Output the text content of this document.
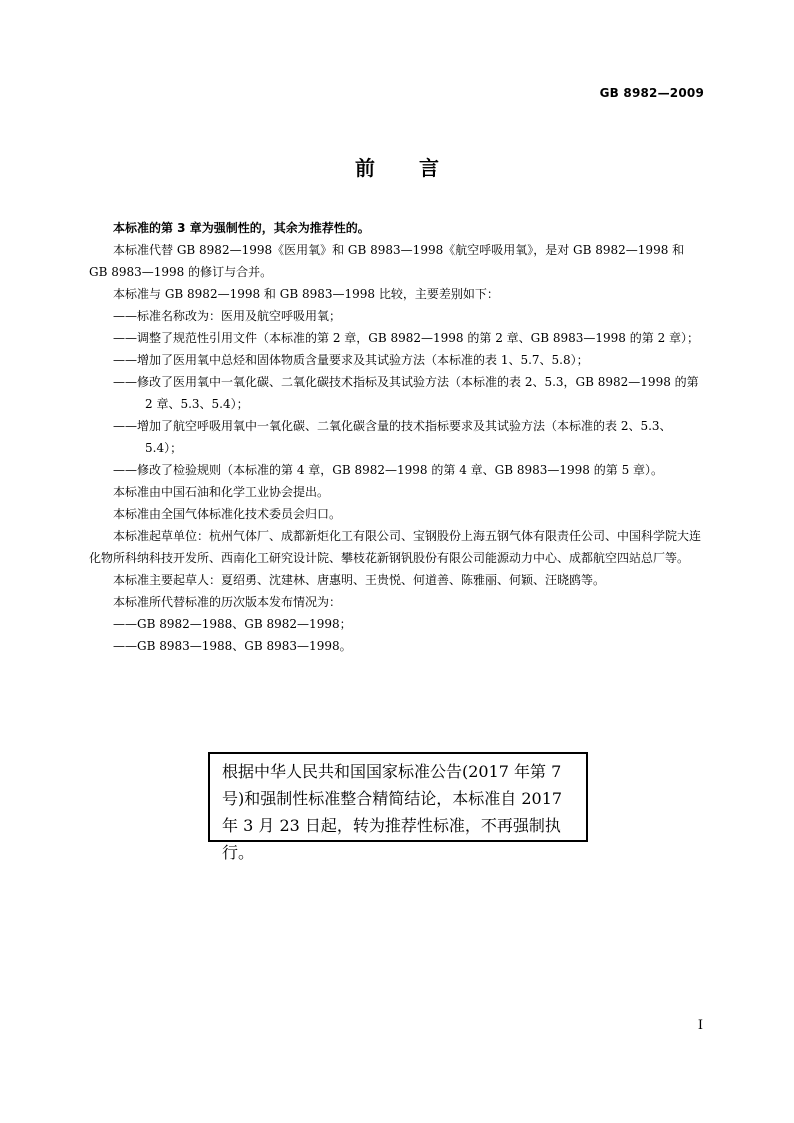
GB 8982—2009
前言

本标准的第 3 章为强制性的，其余为推荐性的。

本标准代替 GB 8982—1998《医用氧》和 GB 8983—1998《航空呼吸用氧》，是对 GB 8982—1998 和 GB 8983—1998 的修订与合并。

本标准与 GB 8982—1998 和 GB 8983—1998 比较，主要差别如下：

——标准名称改为：医用及航空呼吸用氧；

——调整了规范性引用文件（本标准的第 2 章，GB 8982—1998 的第 2 章、GB 8983—1998 的第 2 章）；

——增加了医用氧中总烃和固体物质含量要求及其试验方法（本标准的表 1、5.7、5.8）；

——修改了医用氧中一氧化碳、二氧化碳技术指标及其试验方法（本标准的表 2、5.3，GB 8982—1998 的第 2 章、5.3、5.4）；

——增加了航空呼吸用氧中一氧化碳、二氧化碳含量的技术指标要求及其试验方法（本标准的表 2、5.3、5.4）；

——修改了检验规则（本标准的第 4 章，GB 8982—1998 的第 4 章、GB 8983—1998 的第 5 章）。

本标准由中国石油和化学工业协会提出。

本标准由全国气体标准化技术委员会归口。

本标准起草单位：杭州气体厂、成都新炬化工有限公司、宝钢股份上海五钢气体有限责任公司、中国科学院大连化物所科纳科技开发所、西南化工研究设计院、攀枝花新钢钒股份有限公司能源动力中心、成都航空四站总厂等。

本标准主要起草人：夏绍勇、沈建林、唐惠明、王贵悦、何道善、陈雅丽、何颖、汪晓鸥等。

本标准所代替标准的历次版本发布情况为：

——GB 8982—1988、GB 8982—1998；

——GB 8983—1988、GB 8983—1998。

根据中华人民共和国国家标准公告(2017 年第 7 号)和强制性标准整合精简结论，本标准自 2017 年 3 月 23 日起，转为推荐性标准，不再强制执行。
I
